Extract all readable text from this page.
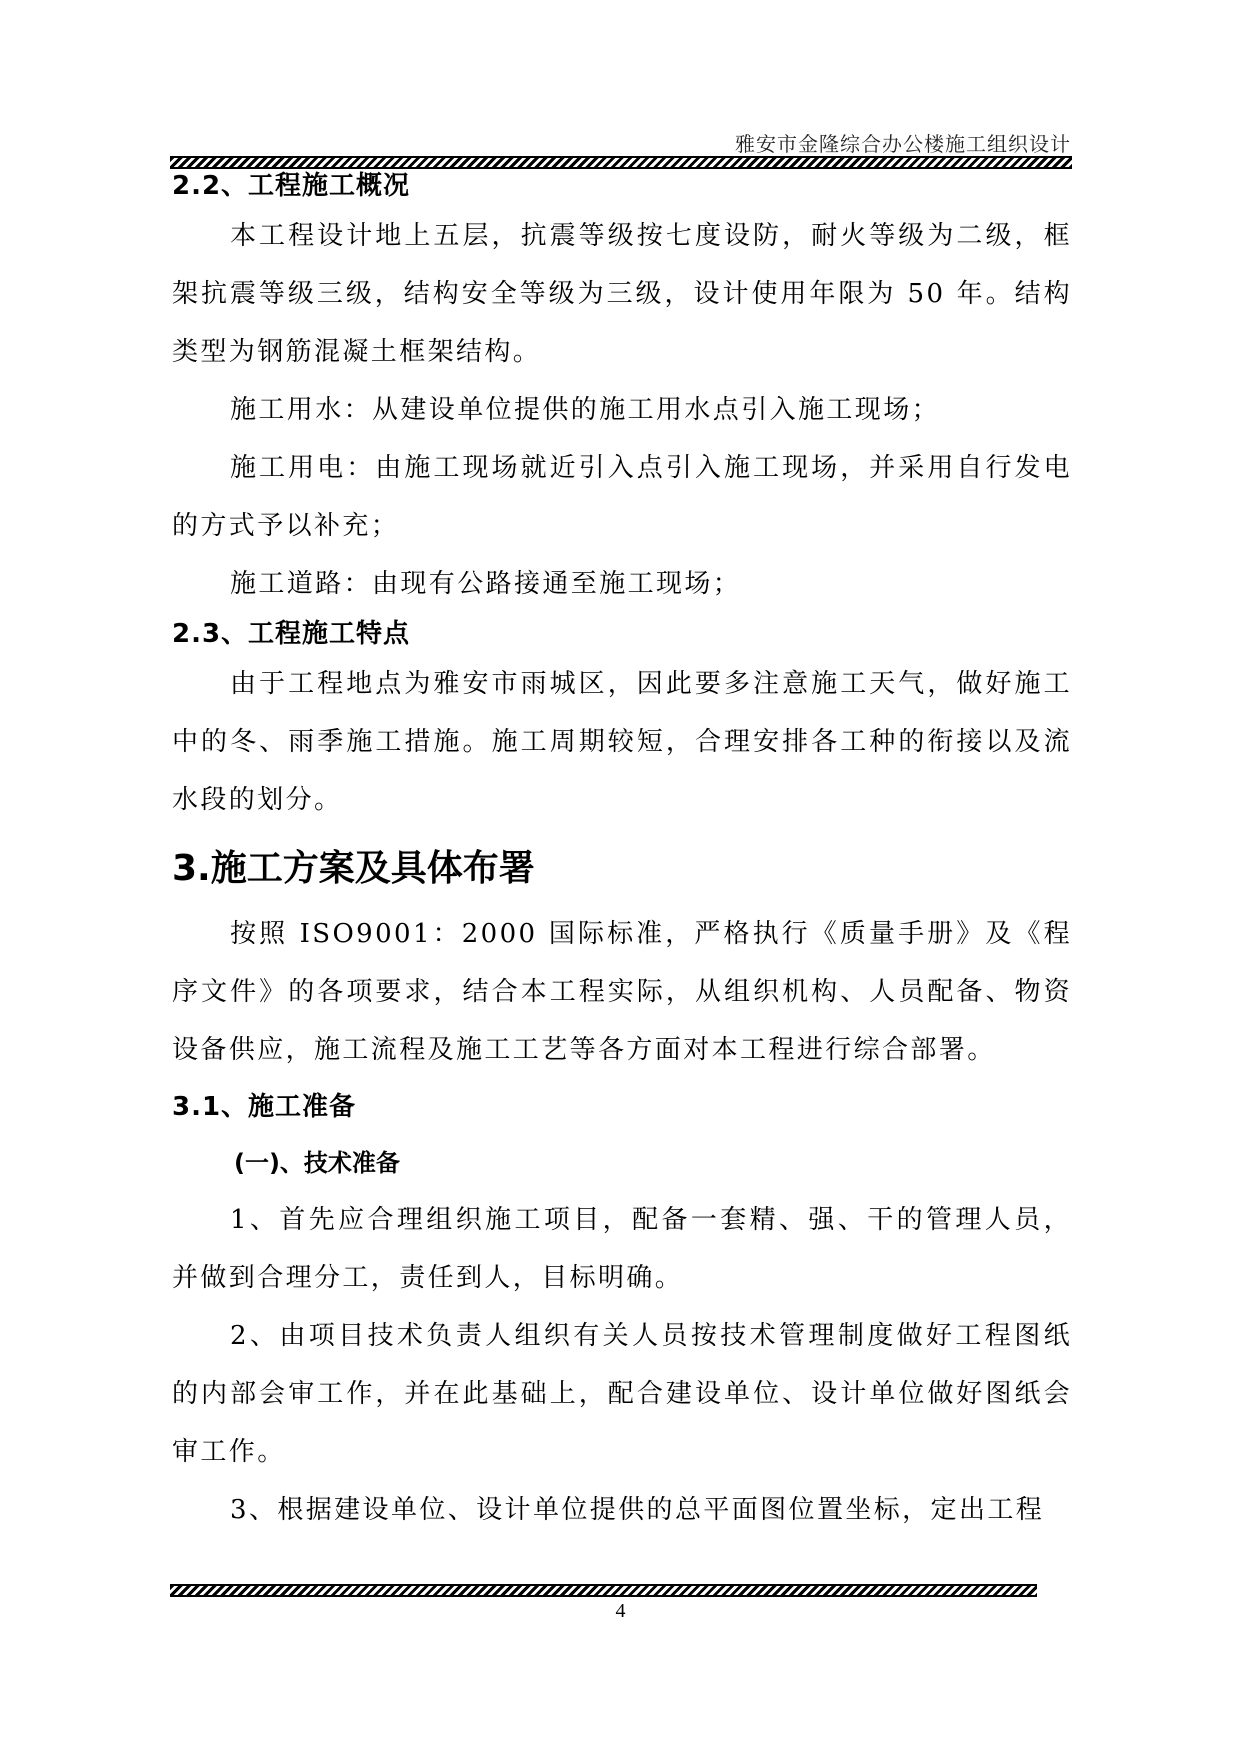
雅安市金隆综合办公楼施工组织设计
2.2、工程施工概况

本工程设计地上五层，抗震等级按七度设防，耐火等级为二级，框架抗震等级三级，结构安全等级为三级，设计使用年限为 50 年。结构类型为钢筋混凝土框架结构。

施工用水：从建设单位提供的施工用水点引入施工现场；

施工用电：由施工现场就近引入点引入施工现场，并采用自行发电的方式予以补充；

施工道路：由现有公路接通至施工现场；

2.3、工程施工特点

由于工程地点为雅安市雨城区，因此要多注意施工天气，做好施工中的冬、雨季施工措施。施工周期较短，合理安排各工种的衔接以及流水段的划分。

3.施工方案及具体布署

按照 ISO9001：2000 国际标准，严格执行《质量手册》及《程序文件》的各项要求，结合本工程实际，从组织机构、人员配备、物资设备供应，施工流程及施工工艺等各方面对本工程进行综合部署。

3.1、施工准备
(一)、技术准备

1、首先应合理组织施工项目，配备一套精、强、干的管理人员，并做到合理分工，责任到人，目标明确。

2、由项目技术负责人组织有关人员按技术管理制度做好工程图纸的内部会审工作，并在此基础上，配合建设单位、设计单位做好图纸会审工作。

3、根据建设单位、设计单位提供的总平面图位置坐标，定出工程

4
